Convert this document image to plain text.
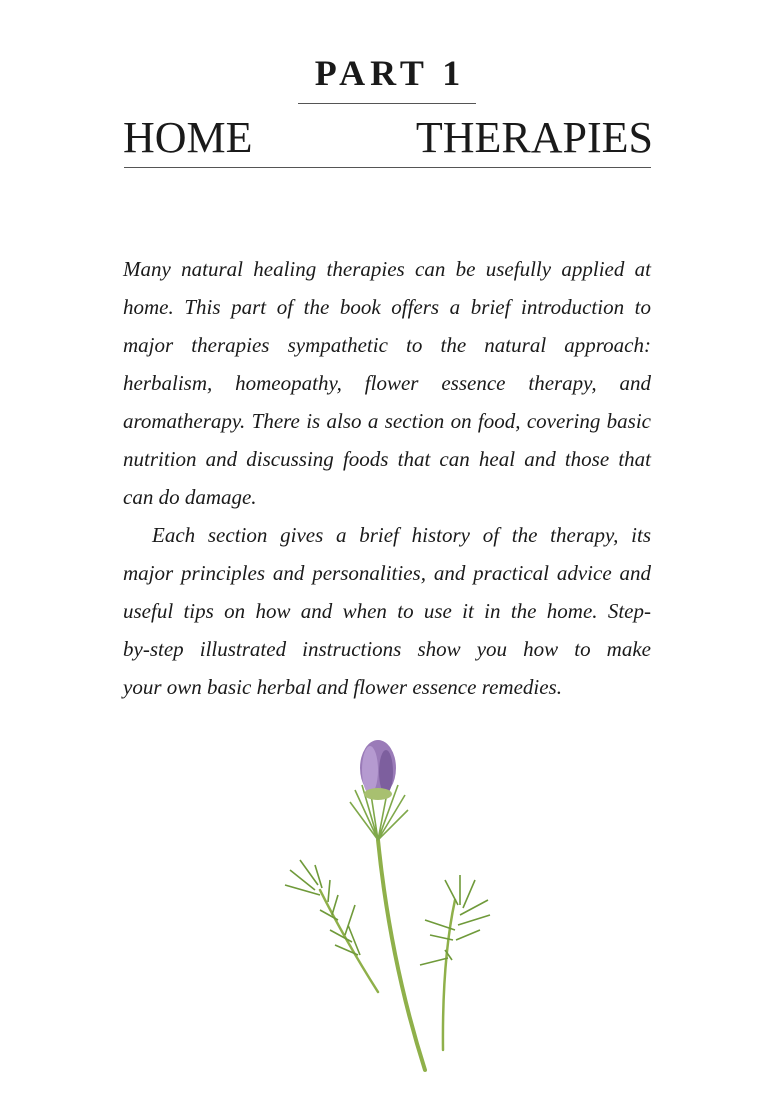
PART 1
HOME THERAPIES
Many natural healing therapies can be usefully applied at
home. This part of the book offers a brief introduction to
major therapies sympathetic to the natural approach:
herbalism, homeopathy, flower essence therapy, and
aromatherapy. There is also a section on food, covering basic
nutrition and discussing foods that can heal and those that
can do damage.
Each section gives a brief history of the therapy, its
major principles and personalities, and practical advice and
useful tips on how and when to use it in the home. Step-
by-step illustrated instructions show you how to make
your own basic herbal and flower essence remedies.
